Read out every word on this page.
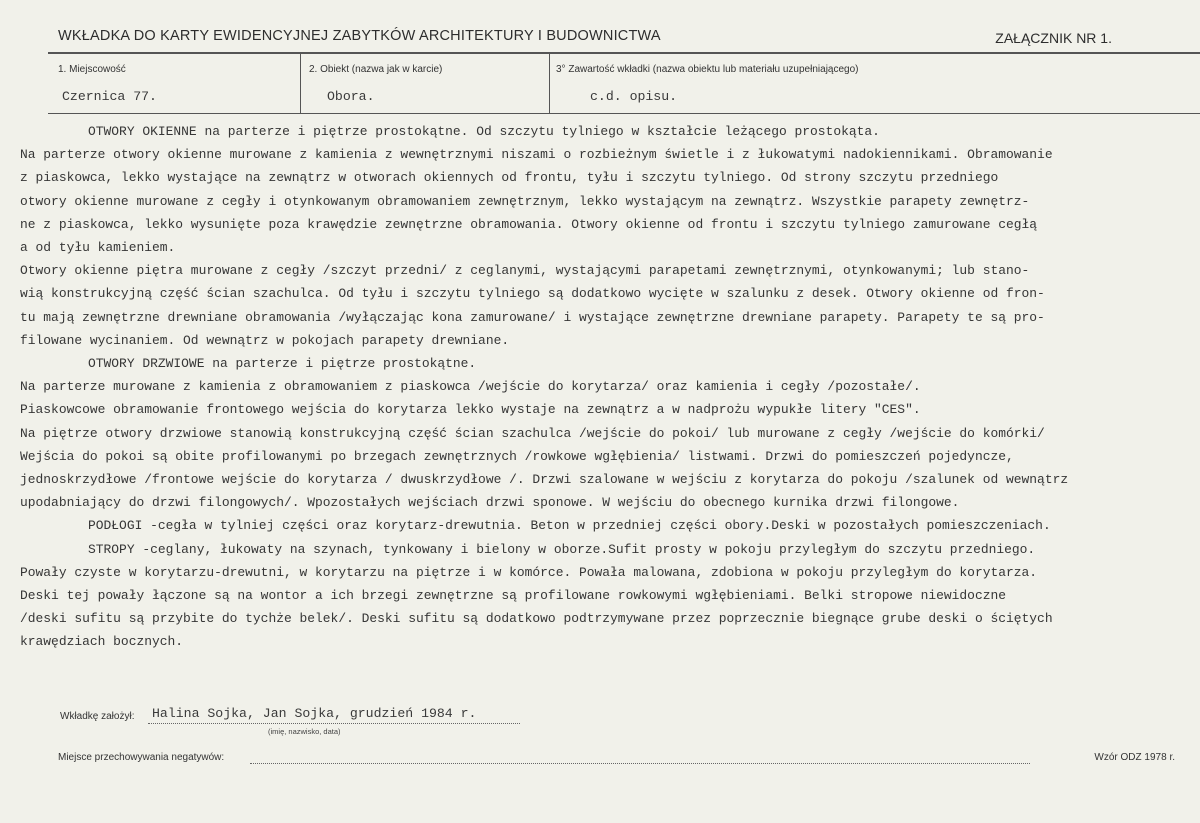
WKŁADKA DO KARTY EWIDENCYJNEJ ZABYTKÓW ARCHITEKTURY I BUDOWNICTWA	ZAŁĄCZNIK NR 1.
1. Miejscowość
Czernica 77.
2. Obiekt (nazwa jak w karcie)
Obora.
3° Zawartość wkładki (nazwa obiektu lub materiału uzupełniającego)
c.d. opisu.

OTWORY OKIENNE na parterze i piętrze prostokątne. Od szczytu tylniego w kształcie leżącego prostokąta.

Na parterze otwory okienne murowane z kamienia z wewnętrznymi niszami o rozbieżnym świetle i z łukowatymi nadokiennikami. Obramowanie

z piaskowca, lekko wystające na zewnątrz w otworach okiennych od frontu, tyłu i szczytu tylniego. Od strony szczytu przedniego

otwory okienne murowane z cegły i otynkowanym obramowaniem zewnętrznym, lekko wystającym na zewnątrz. Wszystkie parapety zewnętrz-

ne z piaskowca, lekko wysunięte poza krawędzie zewnętrzne obramowania. Otwory okienne od frontu i szczytu tylniego zamurowane cegłą

a od tyłu kamieniem.

Otwory okienne piętra murowane z cegły /szczyt przedni/ z ceglanymi, wystającymi parapetami zewnętrznymi, otynkowanymi; lub stano-

wią konstrukcyjną część ścian szachulca. Od tyłu i szczytu tylniego są dodatkowo wycięte w szalunku z desek. Otwory okienne od fron-

tu mają zewnętrzne drewniane obramowania /wyłączając kona zamurowane/ i wystające zewnętrzne drewniane parapety. Parapety te są pro-

filowane wycinaniem. Od wewnątrz w pokojach parapety drewniane.

OTWORY DRZWIOWE na parterze i piętrze prostokątne.

Na parterze murowane z kamienia z obramowaniem z piaskowca /wejście do korytarza/ oraz kamienia i cegły /pozostałe/.

Piaskowcowe obramowanie frontowego wejścia do korytarza lekko wystaje na zewnątrz a w nadprożu wypukłe litery "CES".

Na piętrze otwory drzwiowe stanowią konstrukcyjną część ścian szachulca /wejście do pokoi/ lub murowane z cegły /wejście do komórki/

Wejścia do pokoi są obite profilowanymi po brzegach zewnętrznych /rowkowe wgłębienia/ listwami. Drzwi do pomieszczeń pojedyncze,

jednoskrzydłowe /frontowe wejście do korytarza / dwuskrzydłowe /. Drzwi szalowane w wejściu z korytarza do pokoju /szalunek od wewnątrz

upodabniający do drzwi filongowych/. Wpozostałych wejściach drzwi sponowe. W wejściu do obecnego kurnika drzwi filongowe.

PODŁOGI -cegła w tylniej części oraz korytarz-drewutnia. Beton w przedniej części obory.Deski w pozostałych pomieszczeniach.

STROPY -ceglany, łukowaty na szynach, tynkowany i bielony w oborze.Sufit prosty w pokoju przyległym do szczytu przedniego.

Powały czyste w korytarzu-drewutni, w korytarzu na piętrze i w komórce. Powała malowana, zdobiona w pokoju przyległym do korytarza.

Deski tej powały łączone są na wontor a ich brzegi zewnętrzne są profilowane rowkowymi wgłębieniami. Belki stropowe niewidoczne

/deski sufitu są przybite do tychże belek/. Deski sufitu są dodatkowo podtrzymywane przez poprzecznie biegnące grube deski o ściętych

krawędziach bocznych.

Wkładkę założył: Halina Sojka, Jan Sojka, grudzień 1984 r.
(imię, nazwisko, data)
Miejsce przechowywania negatywów:	Wzór ODZ 1978 r.
